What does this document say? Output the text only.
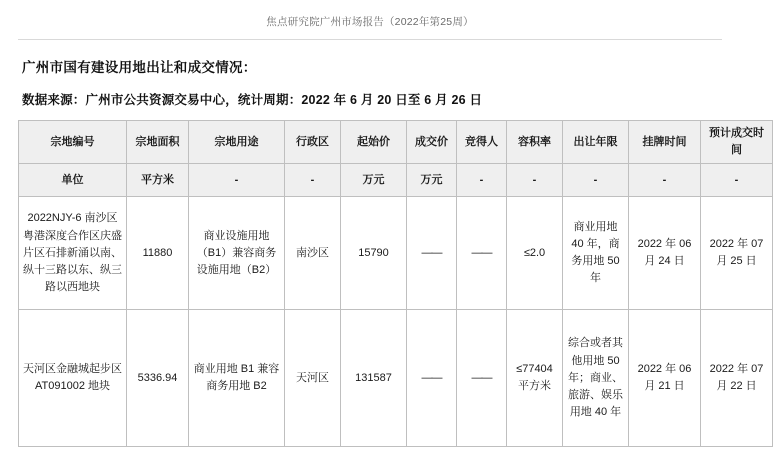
焦点研究院广州市场报告（2022年第25周）
广州市国有建设用地出让和成交情况：
数据来源：广州市公共资源交易中心，统计周期：2022 年 6 月 20 日至 6 月 26 日
宗地编号	宗地面积	宗地用途	行政区	起始价	成交价	竞得人	容积率	出让年限	挂牌时间	预计成交时间
单位	平方米	-	-	万元	万元	-	-	-	-	-
2022NJY-6 南沙区粤港深度合作区庆盛片区石排新涌以南、纵十三路以东、纵三路以西地块	11880	商业设施用地（B1）兼容商务设施用地（B2）	南沙区	15790	——	——	≤2.0	商业用地 40 年，商务用地 50 年	2022 年 06 月 24 日	2022 年 07 月 25 日
天河区金融城起步区 AT091002 地块	5336.94	商业用地 B1 兼容商务用地 B2	天河区	131587	——	——	≤77404 平方米	综合或者其他用地 50 年；商业、旅游、娱乐用地 40 年	2022 年 06 月 21 日	2022 年 07 月 22 日
